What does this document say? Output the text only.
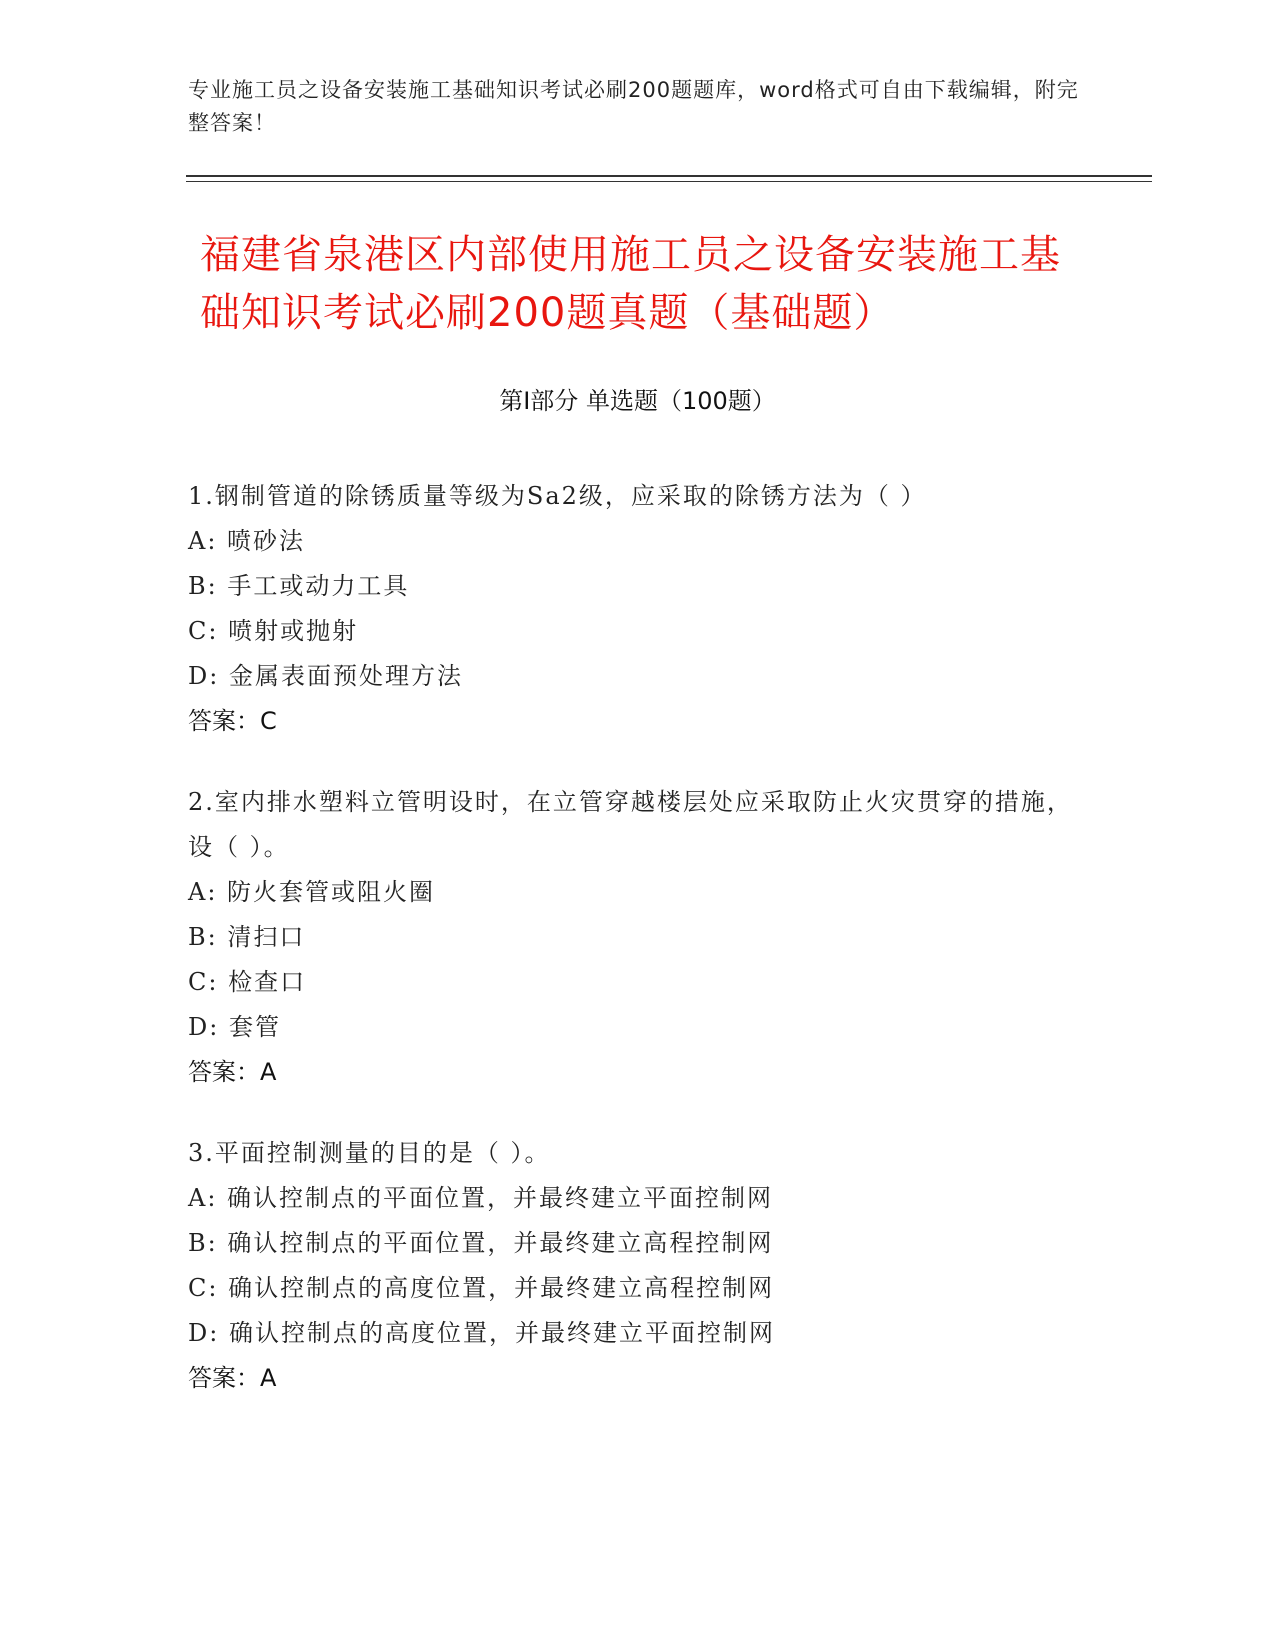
专业施工员之设备安装施工基础知识考试必刷200题题库，word格式可自由下载编辑，附完整答案！
福建省泉港区内部使用施工员之设备安装施工基础知识考试必刷200题真题（基础题）
第Ⅰ部分 单选题（100题）

1.钢制管道的除锈质量等级为Sa2级，应采取的除锈方法为（ ）

A: 喷砂法

B: 手工或动力工具

C: 喷射或抛射

D: 金属表面预处理方法

答案：C

2.室内排水塑料立管明设时，在立管穿越楼层处应采取防止火灾贯穿的措施，设（ ）。

A: 防火套管或阻火圈

B: 清扫口

C: 检查口

D: 套管

答案：A

3.平面控制测量的目的是（ ）。

A: 确认控制点的平面位置，并最终建立平面控制网

B: 确认控制点的平面位置，并最终建立高程控制网

C: 确认控制点的高度位置，并最终建立高程控制网

D: 确认控制点的高度位置，并最终建立平面控制网

答案：A
